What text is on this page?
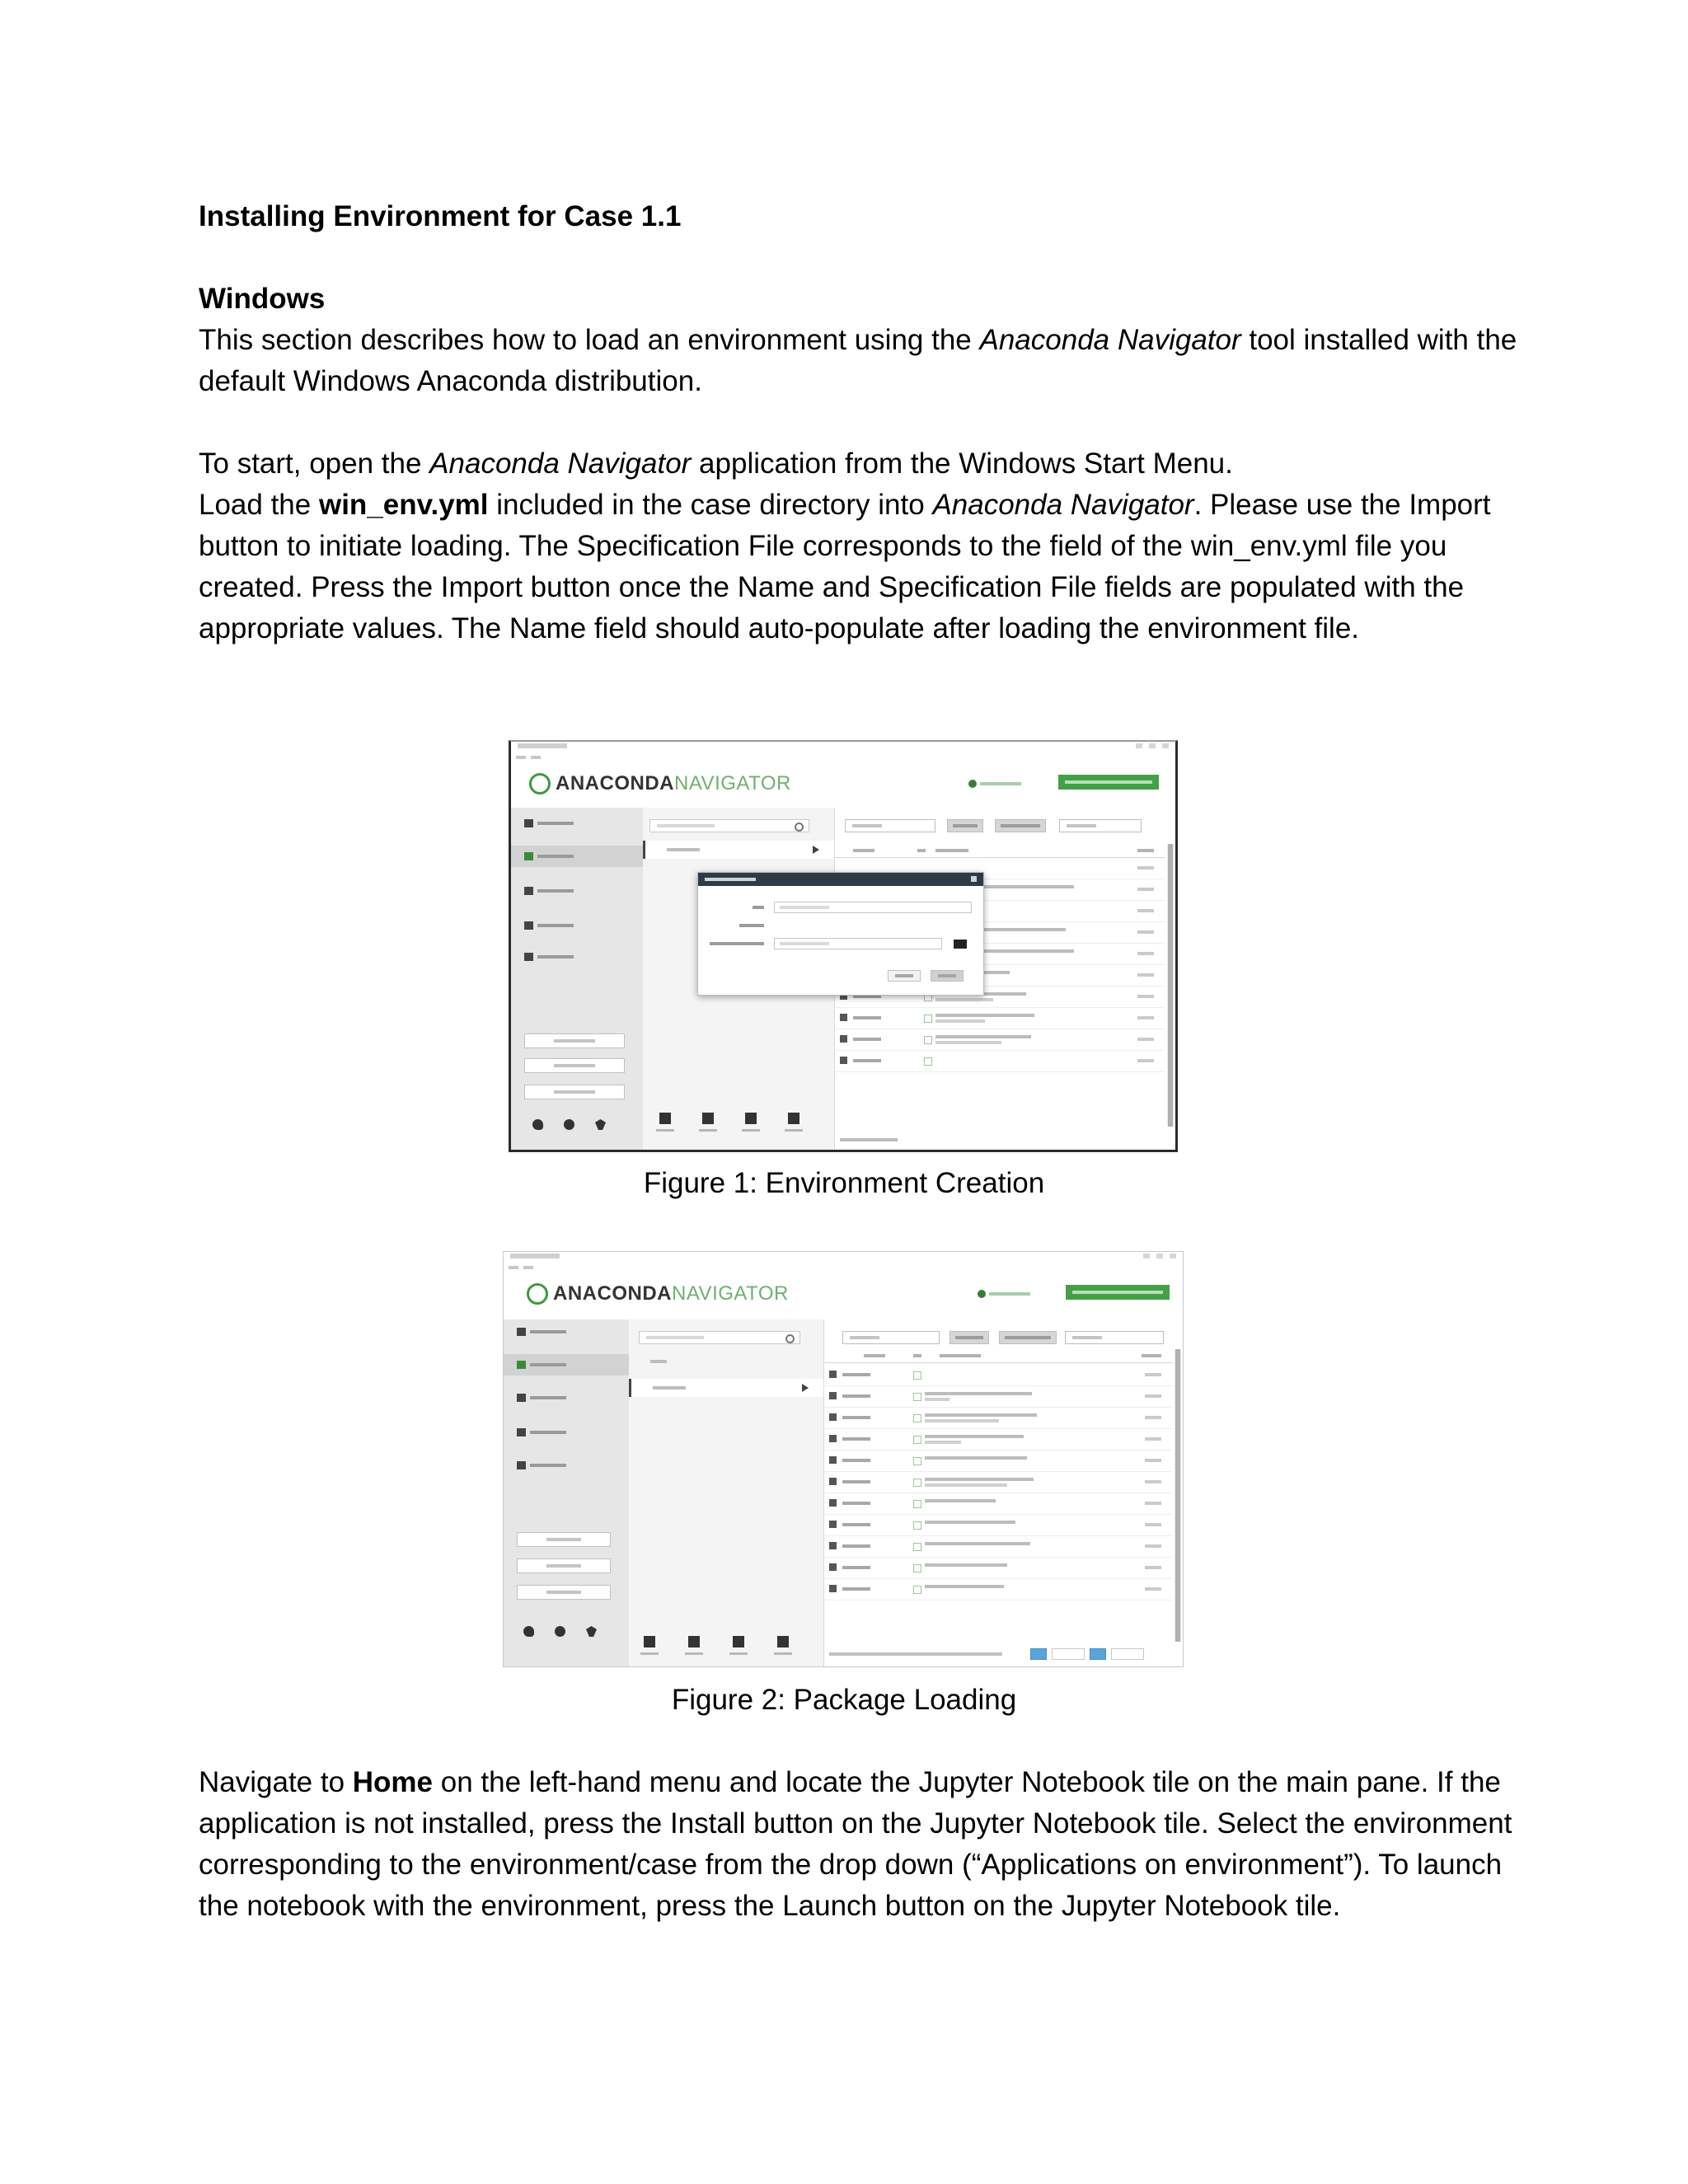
Installing Environment for Case 1.1

Windows

This section describes how to load an environment using the Anaconda Navigator tool installed with the default Windows Anaconda distribution.

To start, open the Anaconda Navigator application from the Windows Start Menu.
Load the win_env.yml included in the case directory into Anaconda Navigator. Please use the Import button to initiate loading. The Specification File corresponds to the field of the win_env.yml file you created. Press the Import button once the Name and Specification File fields are populated with the appropriate values. The Name field should auto-populate after loading the environment file.

ANACONDANAVIGATOR
Figure 1: Environment Creation
ANACONDANAVIGATOR
Figure 2: Package Loading

Navigate to Home on the left-hand menu and locate the Jupyter Notebook tile on the main pane. If the application is not installed, press the Install button on the Jupyter Notebook tile. Select the environment corresponding to the environment/case from the drop down (“Applications on environment”). To launch the notebook with the environment, press the Launch button on the Jupyter Notebook tile.
